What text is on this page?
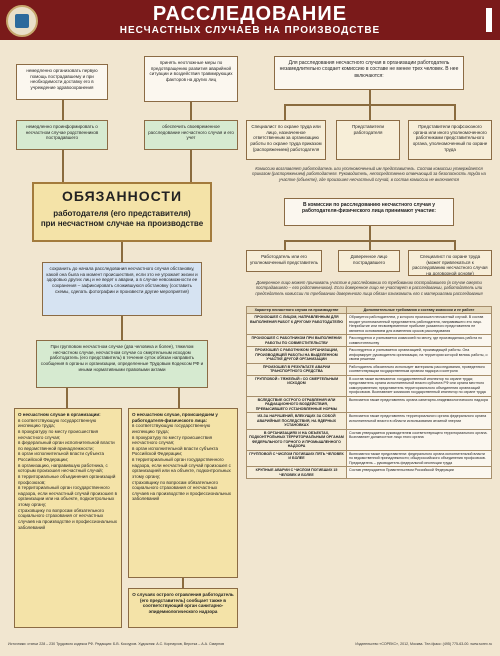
РАССЛЕДОВАНИЕ
НЕСЧАСТНЫХ СЛУЧАЕВ НА ПРОИЗВОДСТВЕ
немедленно организовать первую помощь пострадавшему и при необходимости доставку его в учреждение здравоохранения
принять неотложные меры по предотвращению развития аварийной ситуации и воздействия травмирующих факторов на других лиц
немедленно проинформировать о несчастном случае родственников пострадавшего
обеспечить своевременное расследование несчастного случая и его учет
ОБЯЗАННОСТИ
работодателя (его представителя)
при несчастном случае на производстве
сохранить до начала расследования несчастного случая обстановку, какой она была на момент происшествия, если это не угрожает жизни и здоровью других лиц и не ведет к аварии, а в случае невозможности ее сохранения – зафиксировать сложившуюся обстановку (составить схемы, сделать фотографии и произвести другие мероприятия)
При групповом несчастном случае (два человека и более), тяжелом несчастном случае, несчастном случае со смертельным исходом работодатель (его представитель) в течение суток обязан направить сообщения в органы и организации, определенные Трудовым Кодексом РФ и иными нормативными правовыми актами
О несчастном случае в организации:
в соответствующую государственную инспекцию труда;
в прокуратуру по месту происшествия несчастного случая;
в федеральный орган исполнительной власти по ведомственной принадлежности;
в орган исполнительной власти субъекта Российской Федерации;
в организацию, направившую работника, с которым произошел несчастный случай;
в территориальные объединения организаций профсоюзов;
в территориальный орган государственного надзора, если несчастный случай произошел в организации или на объекте, подконтрольных этому органу;
страховщику по вопросам обязательного социального страхования от несчастных случаев на производстве и профессиональных заболеваний
О несчастном случае, происшедшем у работодателя-физического лица:
в соответствующую государственную инспекцию труда;
в прокуратуру по месту происшествия несчастного случая;
в орган исполнительной власти субъекта Российской Федерации;
в территориальный орган государственного надзора, если несчастный случай произошел с организацией или на объекте, подконтрольных этому органу;
страховщику по вопросам обязательного социального страхования от несчастных случаев на производстве и профессиональных заболеваний
О случаях острого отравления работодатель (его представитель) сообщает также в соответствующий орган санитарно-эпидемиологического надзора
Для расследования несчастного случая в организации работодатель незамедлительно создает комиссию в составе не менее трех человек. В нее включаются:
Специалист по охране труда или лицо, назначенное ответственным за организацию работы по охране труда приказом (распоряжением) работодателя
Представители работодателя
Представители профсоюзного органа или иного уполномоченного работниками представительного органа, уполномоченный по охране труда
Комиссию возглавляет работодатель или уполномоченный им представитель. Состав комиссии утверждается приказом (распоряжением) работодателя. Руководитель, непосредственно отвечающий за безопасность труда на участке (объекте), где произошел несчастный случай, в состав комиссии не включается
В комиссии по расследованию несчастного случая у работодателя-физического лица принимают участие:
Работодатель или его уполномоченный представитель
Доверенное лицо пострадавшего
Специалист по охране труда (может привлекаться к расследованию несчастного случая на договорной основе)
Доверенное лицо может принимать участие в расследовании по требованию пострадавшего (в случае смерти пострадавшего – его родственников). Если доверенное лицо не участвует в расследовании, работодатель или председатель комиссии по требованию доверенного лица обязан ознакомить его с материалами расследования
Характер несчастного случая на производстве	Дополнительные требования к составу комиссии и ее работе
ПРОИЗОШЕЛ С ЛИЦОМ, НАПРАВЛЕННЫМ ДЛЯ ВЫПОЛНЕНИЯ РАБОТ К ДРУГОМУ РАБОТОДАТЕЛЮ	Образуется работодателем, у которого произошел несчастный случай. В состав входит уполномоченный представитель работодателя, направившего это лицо. Неприбытие или несвоевременное прибытие указанного представителя не является основанием для изменения сроков расследования
ПРОИЗОШЕЛ С РАБОТНИКОМ ПРИ ВЫПОЛНЕНИИ РАБОТЫ ПО СОВМЕСТИТЕЛЬСТВУ	Расследуется и учитывается комиссией по месту, где производилась работа по совместительству
ПРОИЗОШЕЛ С РАБОТНИКОМ ОРГАНИЗАЦИИ, ПРОИЗВОДЯЩЕЙ РАБОТЫ НА ВЫДЕЛЕННОМ УЧАСТКЕ ДРУГОЙ ОРГАНИЗАЦИИ	Расследуется и учитывается организацией, производящей работы. Она информирует руководителя организации, на территории которой велись работы, о своем решении
ПРОИЗОШЕЛ В РЕЗУЛЬТАТЕ АВАРИИ ТРАНСПОРТНОГО СРЕДСТВА	Работодатель обязательно использует материалы расследования, проведенного соответствующим государственным органом надзора и контроля
ГРУППОВОЙ • ТЯЖЕЛЫЙ • СО СМЕРТЕЛЬНЫМ ИСХОДОМ	В состав также включаются: государственный инспектор по охране труда; представитель органа исполнительной власти субъекта РФ или органа местного самоуправления; представитель территориального объединения организаций профсоюзов. Возглавляет комиссию государственный инспектор по охране труда
ВСЛЕДСТВИЕ ОСТРОГО ОТРАВЛЕНИЯ ИЛИ РАДИАЦИОННОГО ВОЗДЕЙСТВИЯ, ПРЕВЫСИВШЕГО УСТАНОВЛЕННЫЕ НОРМЫ	Включается также представитель органа санитарно-эпидемиологического надзора
ИЗ-ЗА НАРУШЕНИЙ, ВЛЕКУЩИХ ЗА СОБОЙ АВАРИЙНЫЕ ПОСЛЕДСТВИЯ, НА ЯДЕРНЫХ УСТАНОВКАХ	Включается также представитель территориального органа федерального органа исполнительной власти в области использования атомной энергии
В ОРГАНИЗАЦИЯХ И НА ОБЪЕКТАХ, ПОДКОНТРОЛЬНЫХ ТЕРРИТОРИАЛЬНЫМ ОРГАНАМ ФЕДЕРАЛЬНОГО ГОРНОГО И ПРОМЫШЛЕННОГО НАДЗОРА	Состав утверждается руководителем соответствующего территориального органа. Возглавляет должностное лицо этого органа
ГРУППОВОЙ С ЧИСЛОМ ПОГИБШИХ ПЯТЬ ЧЕЛОВЕК И БОЛЕЕ	Включаются также представители: федерального органа исполнительной власти по ведомственной принадлежности; общероссийского объединения профсоюзов. Председатель – руководитель федеральной инспекции труда
КРУПНЫЕ АВАРИИ С ЧИСЛОМ ПОГИБШИХ 15 ЧЕЛОВЕК И БОЛЕЕ	Состав утверждается Правительством Российской Федерации
Источники: статьи 228 – 230 Трудового кодекса РФ. Редакция: Б.В. Косоуров. Художник: А.С. Корнаухов, Верстка – А.А. Смирнов	Издательство «СОРЕКС», 2012, Москва. Тел./факс: (495) 775-63-00. www.sorex.ru
